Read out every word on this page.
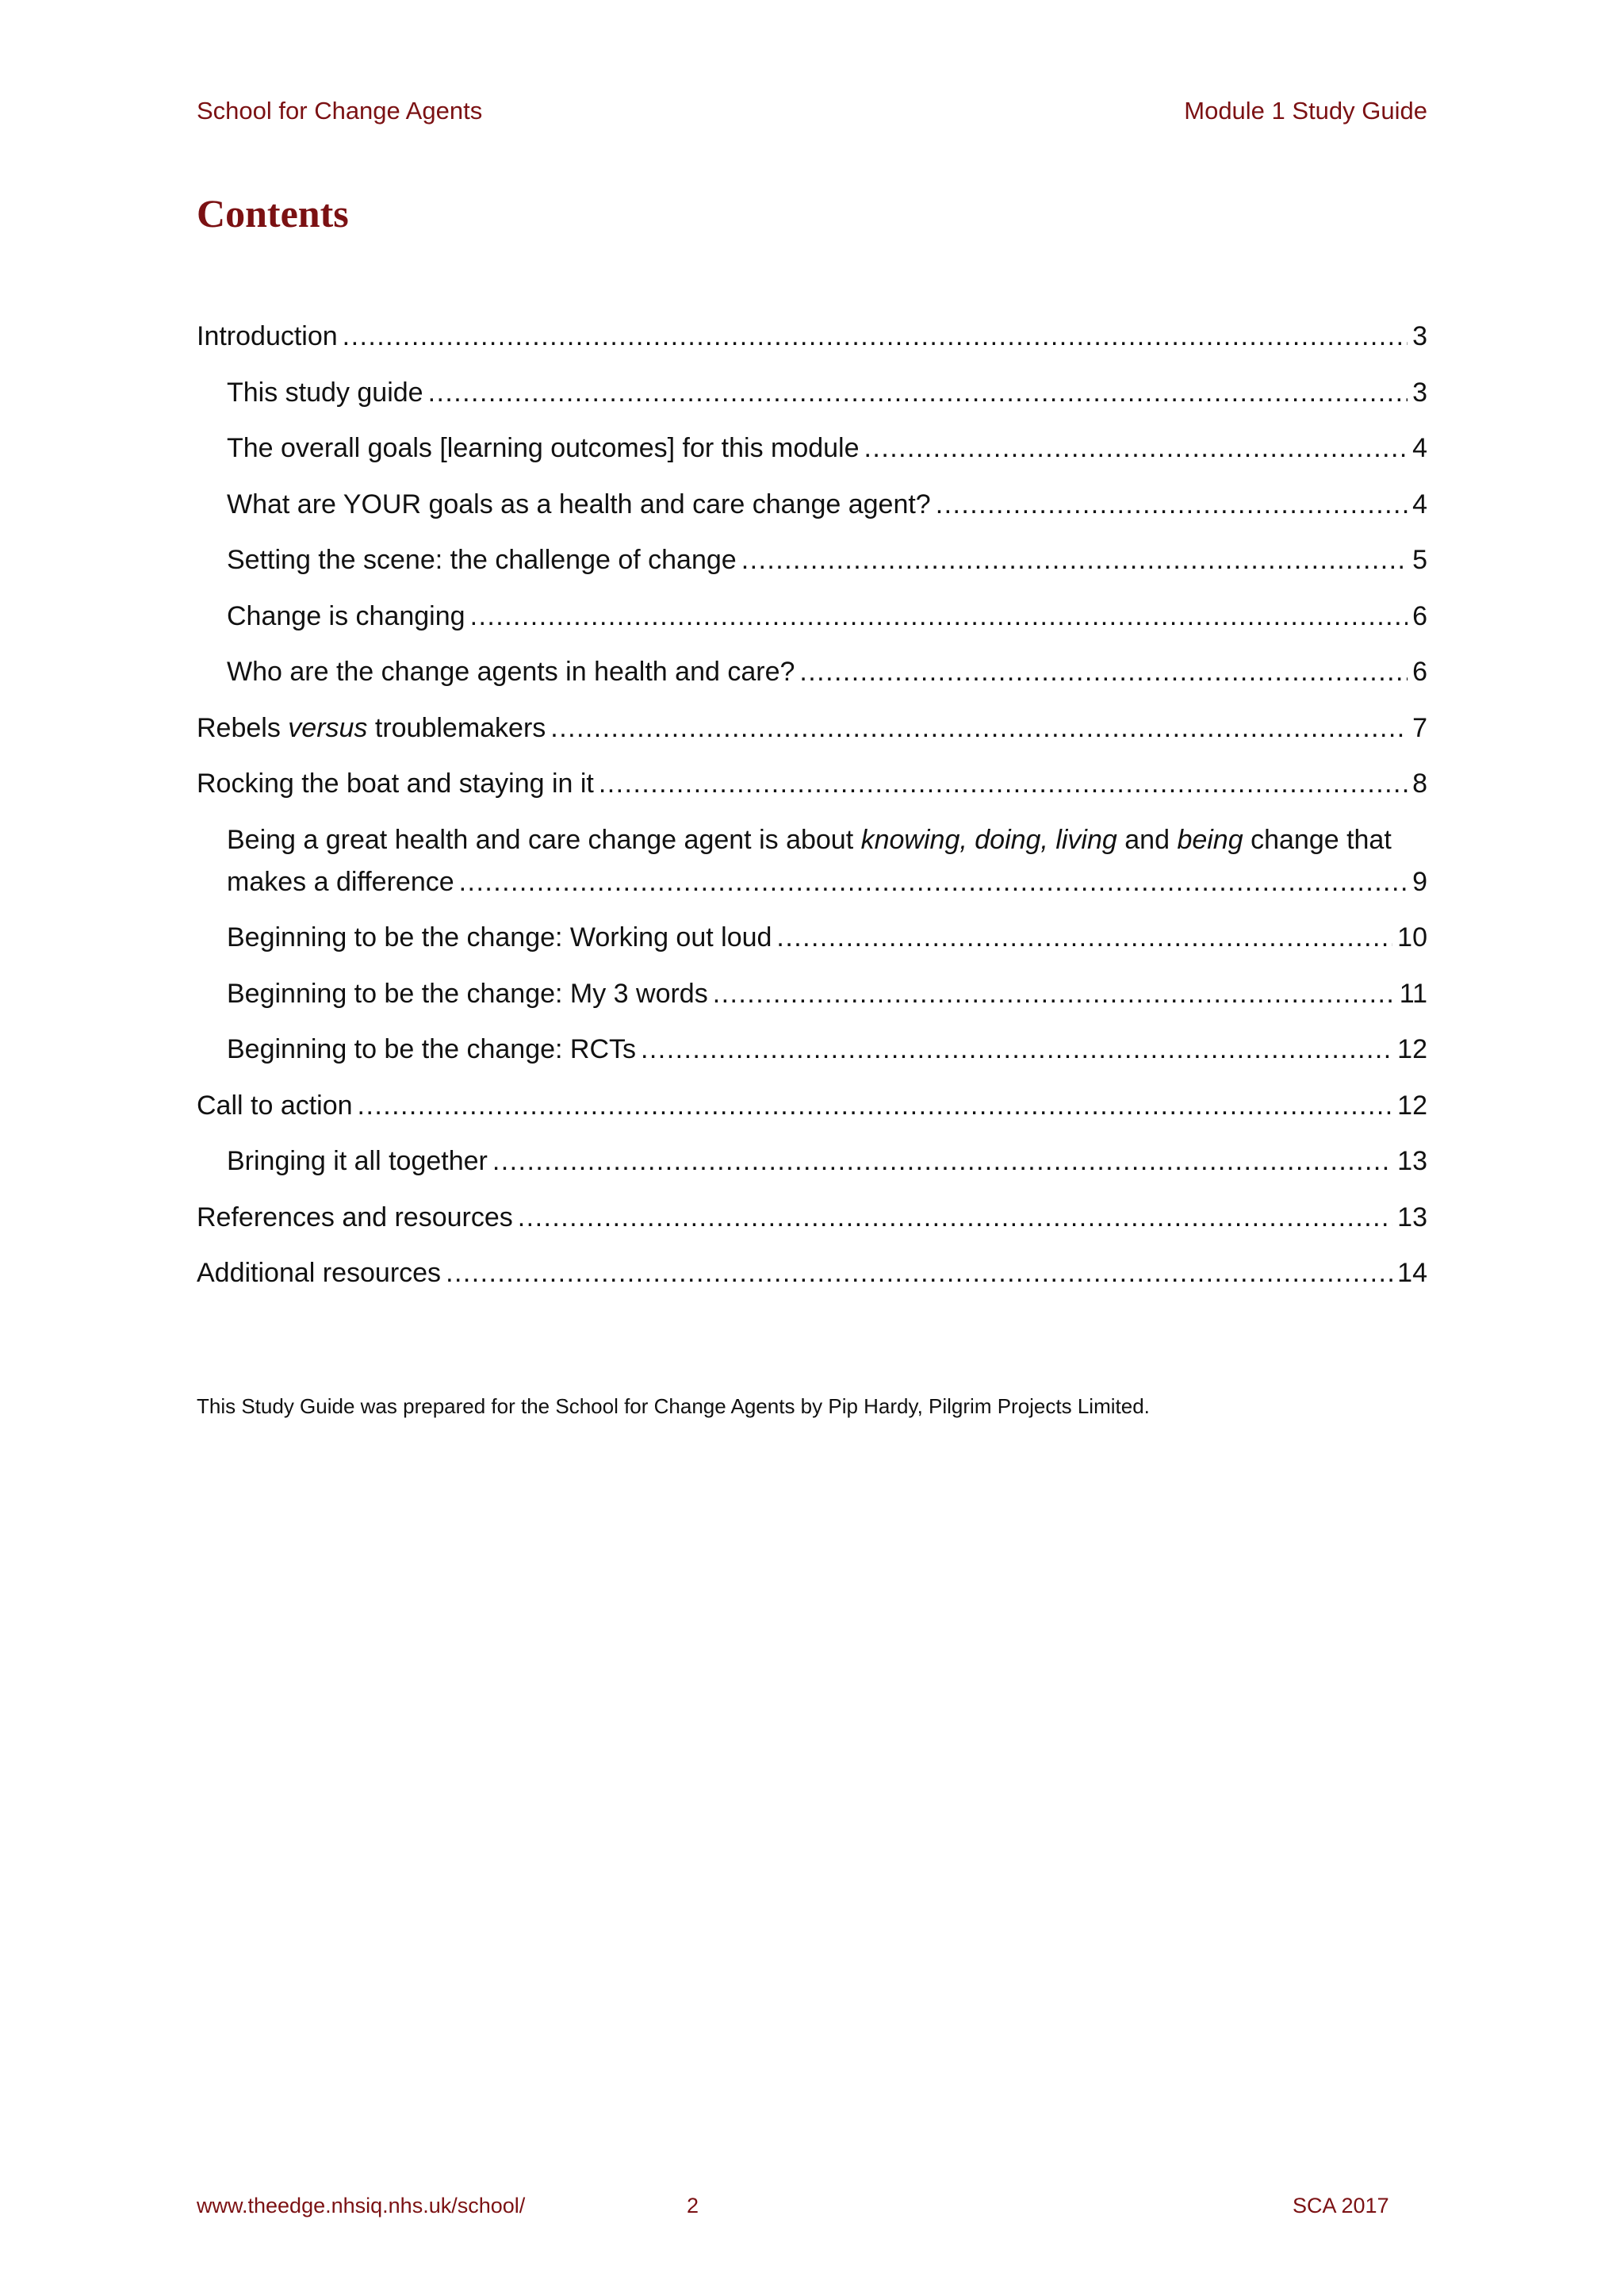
School for Change Agents	Module 1 Study Guide
Contents
Introduction . . .	3
This study guide . . .	3
The overall goals [learning outcomes] for this module . . .	4
What are YOUR goals as a health and care change agent? . . .	4
Setting the scene: the challenge of change . . .	5
Change is changing . . .	6
Who are the change agents in health and care? . . .	6
Rebels versus troublemakers . . .	7
Rocking the boat and staying in it . . .	8
Being a great health and care change agent is about knowing, doing, living and being change that
makes a difference . . .	9
Beginning to be the change: Working out loud . . .	10
Beginning to be the change: My 3 words . . .	11
Beginning to be the change: RCTs . . .	12
Call to action . . .	12
Bringing it all together . . .	13
References and resources . . .	13
Additional resources . . .	14
This Study Guide was prepared for the School for Change Agents by Pip Hardy, Pilgrim Projects Limited.
www.theedge.nhsiq.nhs.uk/school/	2	SCA 2017
